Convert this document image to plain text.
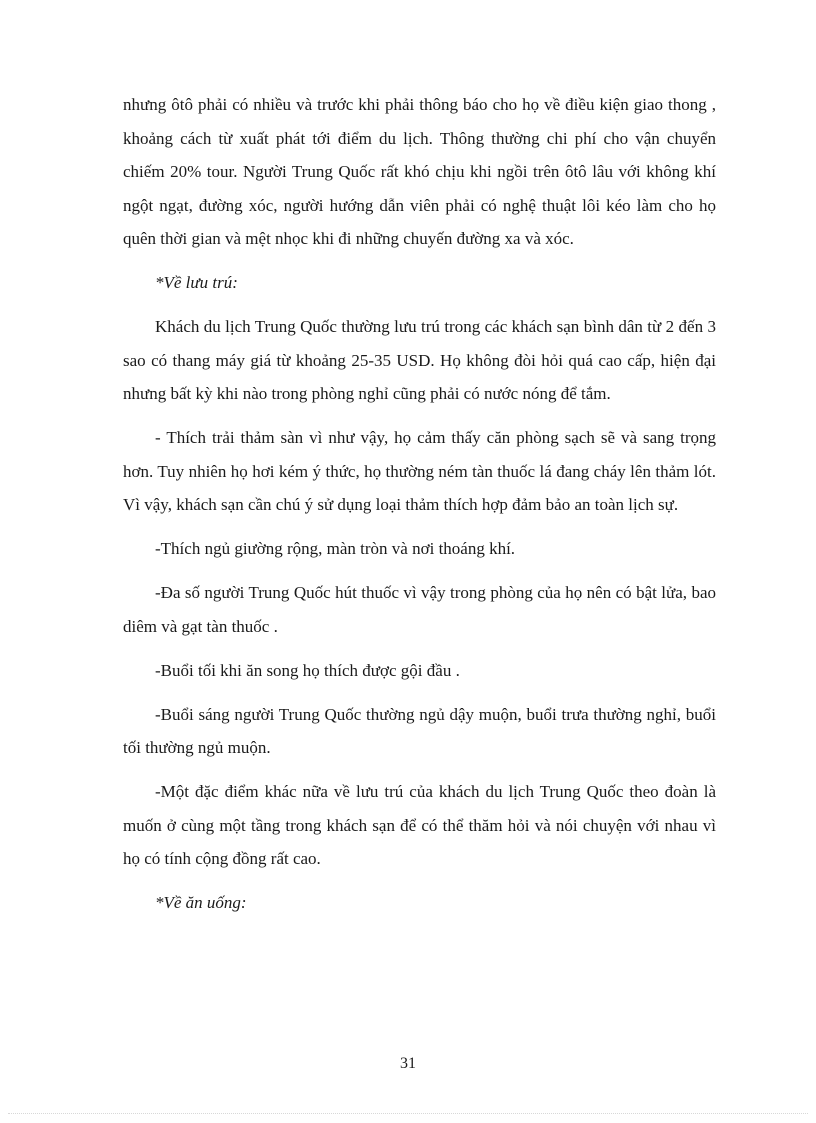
nhưng ôtô phải có nhiều và trước khi phải thông báo cho họ về điều kiện giao thong , khoảng cách từ xuất phát tới điểm du lịch. Thông thường chi phí cho vận chuyển chiếm 20% tour. Người Trung Quốc rất khó chịu khi ngồi trên ôtô lâu với không khí ngột ngạt, đường xóc, người hướng dẫn viên phải có nghệ thuật lôi kéo làm cho họ quên thời gian và mệt nhọc khi đi những chuyến đường xa và xóc.

*Về lưu trú:

Khách du lịch Trung Quốc thường lưu trú trong các khách sạn bình dân từ 2 đến 3 sao có thang máy giá từ khoảng 25-35 USD. Họ không đòi hỏi quá cao cấp, hiện đại nhưng bất kỳ khi nào trong phòng nghỉ cũng phải có nước nóng để tắm.

- Thích trải thảm sàn vì như vậy, họ cảm thấy căn phòng sạch sẽ và sang trọng hơn. Tuy nhiên họ hơi kém ý thức, họ thường ném tàn thuốc lá đang cháy lên thảm lót. Vì vậy, khách sạn cần chú ý sử dụng loại thảm thích hợp đảm bảo an toàn lịch sự.

-Thích ngủ giường rộng, màn tròn và nơi thoáng khí.

-Đa số người Trung Quốc hút thuốc vì vậy trong phòng của họ nên có bật lửa, bao diêm và gạt tàn thuốc .

-Buổi tối khi ăn song họ thích được gội đầu .

-Buổi sáng người Trung Quốc thường ngủ dậy muộn, buổi trưa thường nghỉ, buổi tối thường ngủ muộn.

-Một đặc điểm khác nữa về lưu trú của khách du lịch Trung Quốc theo đoàn là muốn ở cùng một tầng trong khách sạn để có thể thăm hỏi và nói chuyện với nhau vì họ có tính cộng đồng rất cao.

*Về ăn uống:

31
